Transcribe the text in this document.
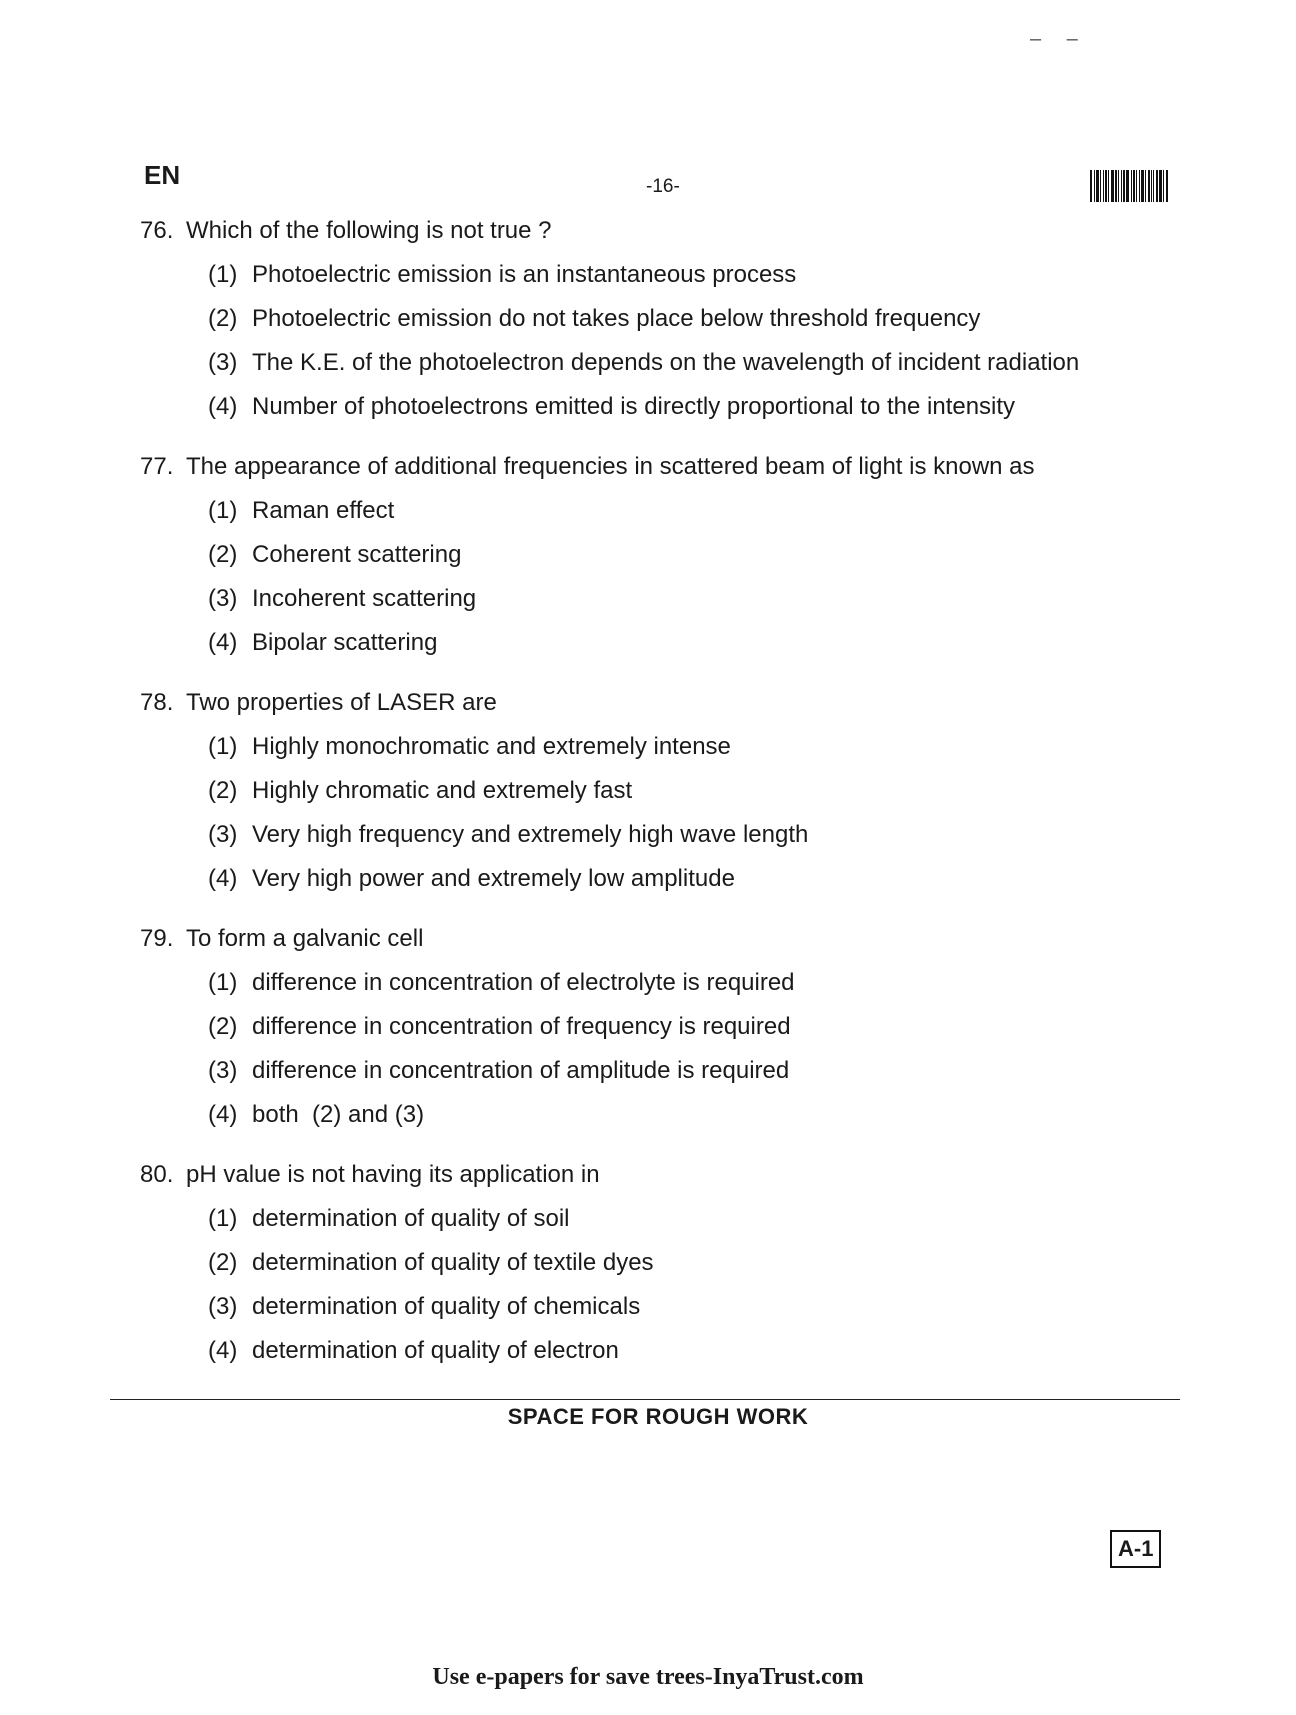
– –
EN	-16-
76. Which of the following is not true ?
(1) Photoelectric emission is an instantaneous process
(2) Photoelectric emission do not takes place below threshold frequency
(3) The K.E. of the photoelectron depends on the wavelength of incident radiation
(4) Number of photoelectrons emitted is directly proportional to the intensity
77. The appearance of additional frequencies in scattered beam of light is known as
(1) Raman effect
(2) Coherent scattering
(3) Incoherent scattering
(4) Bipolar scattering
78. Two properties of LASER are
(1) Highly monochromatic and extremely intense
(2) Highly chromatic and extremely fast
(3) Very high frequency and extremely high wave length
(4) Very high power and extremely low amplitude
79. To form a galvanic cell
(1) difference in concentration of electrolyte is required
(2) difference in concentration of frequency is required
(3) difference in concentration of amplitude is required
(4) both  (2) and (3)
80. pH value is not having its application in
(1) determination of quality of soil
(2) determination of quality of textile dyes
(3) determination of quality of chemicals
(4) determination of quality of electron
SPACE FOR ROUGH WORK
A-1
Use e-papers for save trees-InyaTrust.com
